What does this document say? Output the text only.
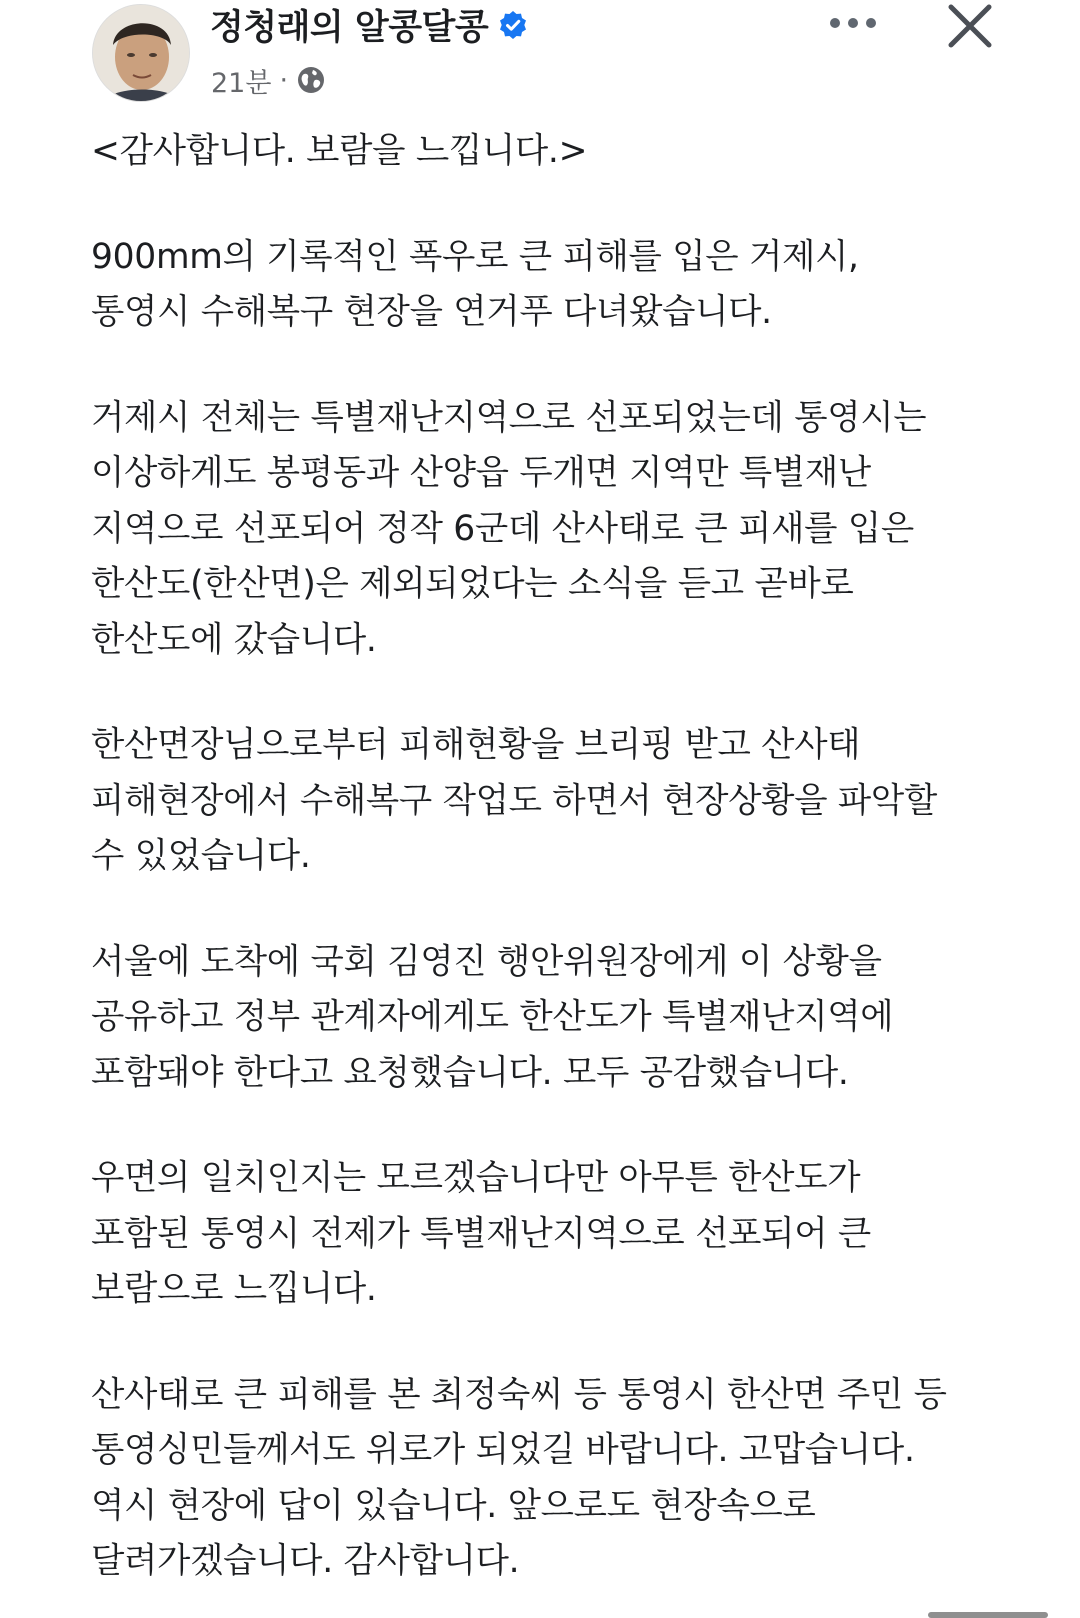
정청래의 알콩달콩
21분 ·

<감사합니다. 보람을 느낍니다.>

900mm의 기록적인 폭우로 큰 피해를 입은 거제시,

통영시 수해복구 현장을 연거푸 다녀왔습니다.

거제시 전체는 특별재난지역으로 선포되었는데 통영시는

이상하게도 봉평동과 산양읍 두개면 지역만 특별재난

지역으로 선포되어 정작 6군데 산사태로 큰 피새를 입은

한산도(한산면)은 제외되었다는 소식을 듣고 곧바로

한산도에 갔습니다.

한산면장님으로부터 피해현황을 브리핑 받고 산사태

피해현장에서 수해복구 작업도 하면서 현장상황을 파악할

수 있었습니다.

서울에 도착에 국회 김영진 행안위원장에게 이 상황을

공유하고 정부 관계자에게도 한산도가 특별재난지역에

포함돼야 한다고 요청했습니다. 모두 공감했습니다.

우면의 일치인지는 모르겠습니다만 아무튼 한산도가

포함된 통영시 전제가 특별재난지역으로 선포되어 큰

보람으로 느낍니다.

산사태로 큰 피해를 본 최정숙씨 등 통영시 한산면 주민 등

통영싱민들께서도 위로가 되었길 바랍니다. 고맙습니다.

역시 현장에 답이 있습니다. 앞으로도 현장속으로

달려가겠습니다. 감사합니다.
